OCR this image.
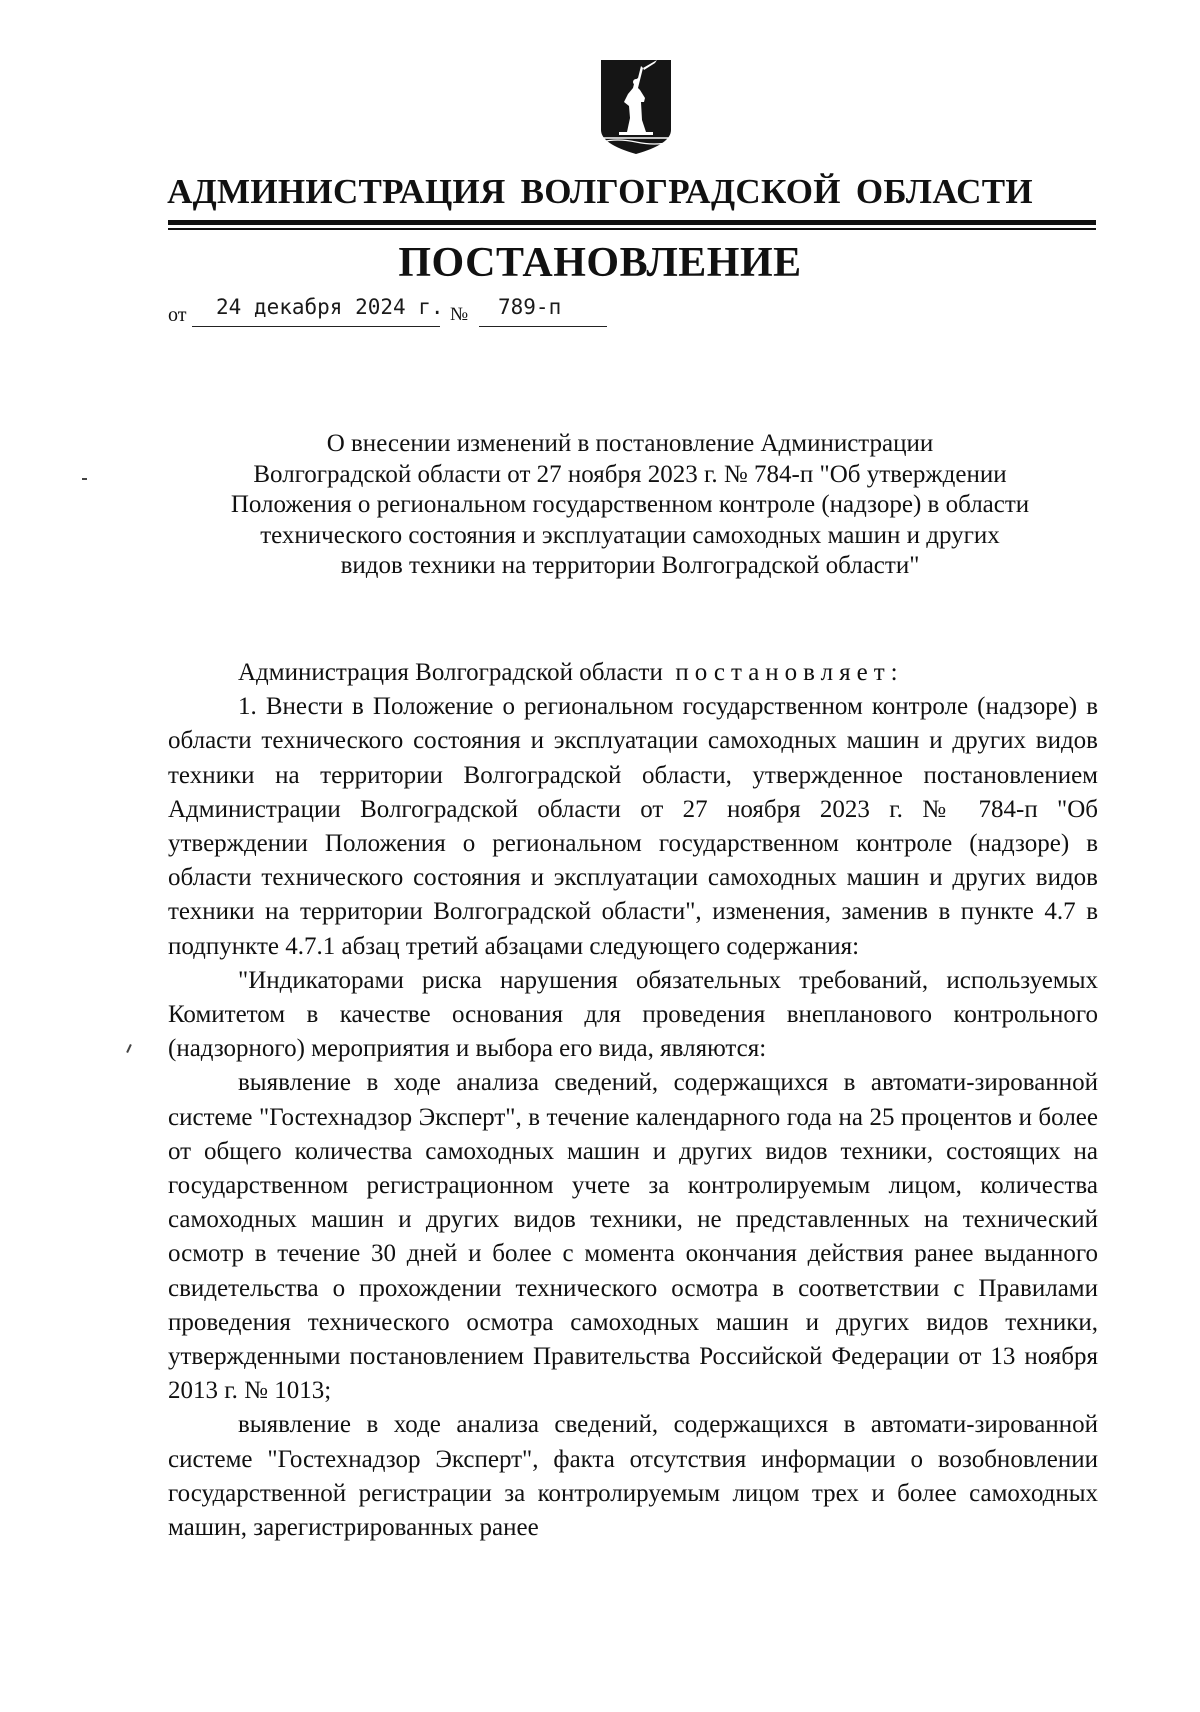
АДМИНИСТРАЦИЯ ВОЛГОГРАДСКОЙ ОБЛАСТИ
ПОСТАНОВЛЕНИЕ
от 24 декабря 2024 г. № 789-п
О внесении изменений в постановление Администрации
Волгоградской области от 27 ноября 2023 г. № 784-п "Об утверждении
Положения о региональном государственном контроле (надзоре) в области
технического состояния и эксплуатации самоходных машин и других
видов техники на территории Волгоградской области"

Администрация Волгоградской области постановляет:

1. Внести в Положение о региональном государственном контроле (надзоре) в области технического состояния и эксплуатации самоходных машин и других видов техники на территории Волгоградской области, утвержденное постановлением Администрации Волгоградской области от 27 ноября 2023 г. № 784-п "Об утверждении Положения о региональном государственном контроле (надзоре) в области технического состояния и эксплуатации самоходных машин и других видов техники на территории Волгоградской области", изменения, заменив в пункте 4.7 в подпункте 4.7.1 абзац третий абзацами следующего содержания:

"Индикаторами риска нарушения обязательных требований, используемых Комитетом в качестве основания для проведения внепланового контрольного (надзорного) мероприятия и выбора его вида, являются:

выявление в ходе анализа сведений, содержащихся в автомати-зированной системе "Гостехнадзор Эксперт", в течение календарного года на 25 процентов и более от общего количества самоходных машин и других видов техники, состоящих на государственном регистрационном учете за контролируемым лицом, количества самоходных машин и других видов техники, не представленных на технический осмотр в течение 30 дней и более с момента окончания действия ранее выданного свидетельства о прохождении технического осмотра в соответствии с Правилами проведения технического осмотра самоходных машин и других видов техники, утвержденными постановлением Правительства Российской Федерации от 13 ноября 2013 г. № 1013;

выявление в ходе анализа сведений, содержащихся в автомати-зированной системе "Гостехнадзор Эксперт", факта отсутствия информации о возобновлении государственной регистрации за контролируемым лицом трех и более самоходных машин, зарегистрированных ранее
